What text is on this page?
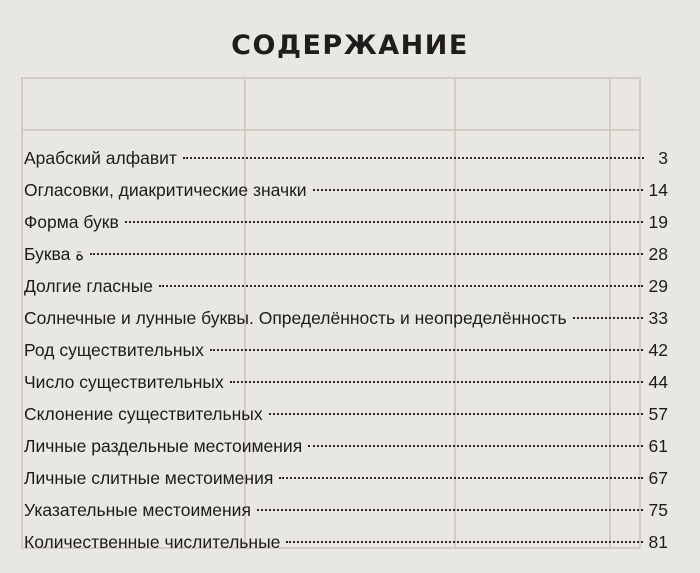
СОДЕРЖАНИЕ
Арабский алфавит	3
Огласовки, диакритические значки	14
Форма букв	19
Буква ة	28
Долгие гласные	29
Солнечные и лунные буквы. Определённость и неопределённость	33
Род существительных	42
Число существительных	44
Склонение существительных	57
Личные раздельные местоимения	61
Личные слитные местоимения	67
Указательные местоимения	75
Количественные числительные	81
